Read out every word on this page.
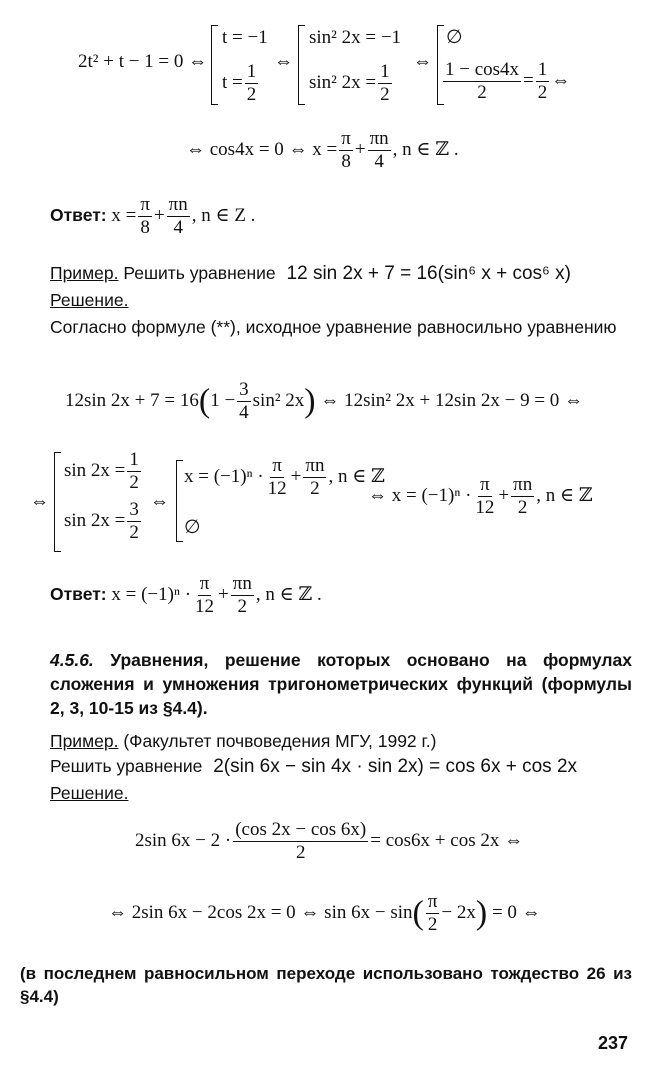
2t² + t − 1 = 0 ⇔
t = −1
$t = \frac{1}{2}$
⇔
sin² 2x = −1
sin² $2x = \frac{1}{2}$
⇔
∅
$\frac{1 - \cos 4x}{2} = \frac{1}{2}$ ⇔
⇔ cos4x = 0 ⇔ $x = \frac{\pi}{8} + \frac{\pi n}{4}$ , n ∈ ℤ .
Ответ: $x = \frac{\pi}{8} + \frac{\pi n}{4}$ , n ∈ Z .
Пример. Решить уравнение 12 sin 2x + 7 = 16(sin⁶ x + cos⁶ x)
Решение.
Согласно формуле (**), исходное уравнение равносильно уравнению
12sin $2x + 7 = 16(1 - \frac{3}{4} \sin^2$ 2x) ⇔ 12sin² 2x + 12sin 2x − 9 = 0 ⇔
⇔
$\sin 2x = \frac{1}{2}$
$\sin 2x = \frac{3}{2}$ ⇔
$x = (-1)^n \cdot \frac{\pi}{12} + \frac{\pi n}{2}$ , n ∈ ℤ
∅
⇔ $x = (-1)^n \cdot \frac{\pi}{12} + \frac{\pi n}{2}$ , n ∈ ℤ
Ответ: $x = (-1)^n \cdot \frac{\pi}{12} + \frac{\pi n}{2}$ , n ∈ ℤ .
4.5.6. Уравнения, решение которых основано на формулах сложения и умножения тригонометрических функций (формулы 2, 3, 10-15 из §4.4).
Пример. (Факультет почвоведения МГУ, 1992 г.)
Решить уравнение 2(sin 6x − sin 4x · sin 2x) = cos 6x + cos 2x
Решение.
2sin $6x - 2 \cdot \frac{(\cos 2x - \cos 6x)}{2} = \cos 6x + \cos 2x$ ⇔
⇔ 2sin 6x − 2cos 2x = 0 ⇔ $\sin 6x - \sin( \frac{\pi}{2} - 2x) = 0$ ⇔
(в последнем равносильном переходе использовано тождество 26 из §4.4)
237
